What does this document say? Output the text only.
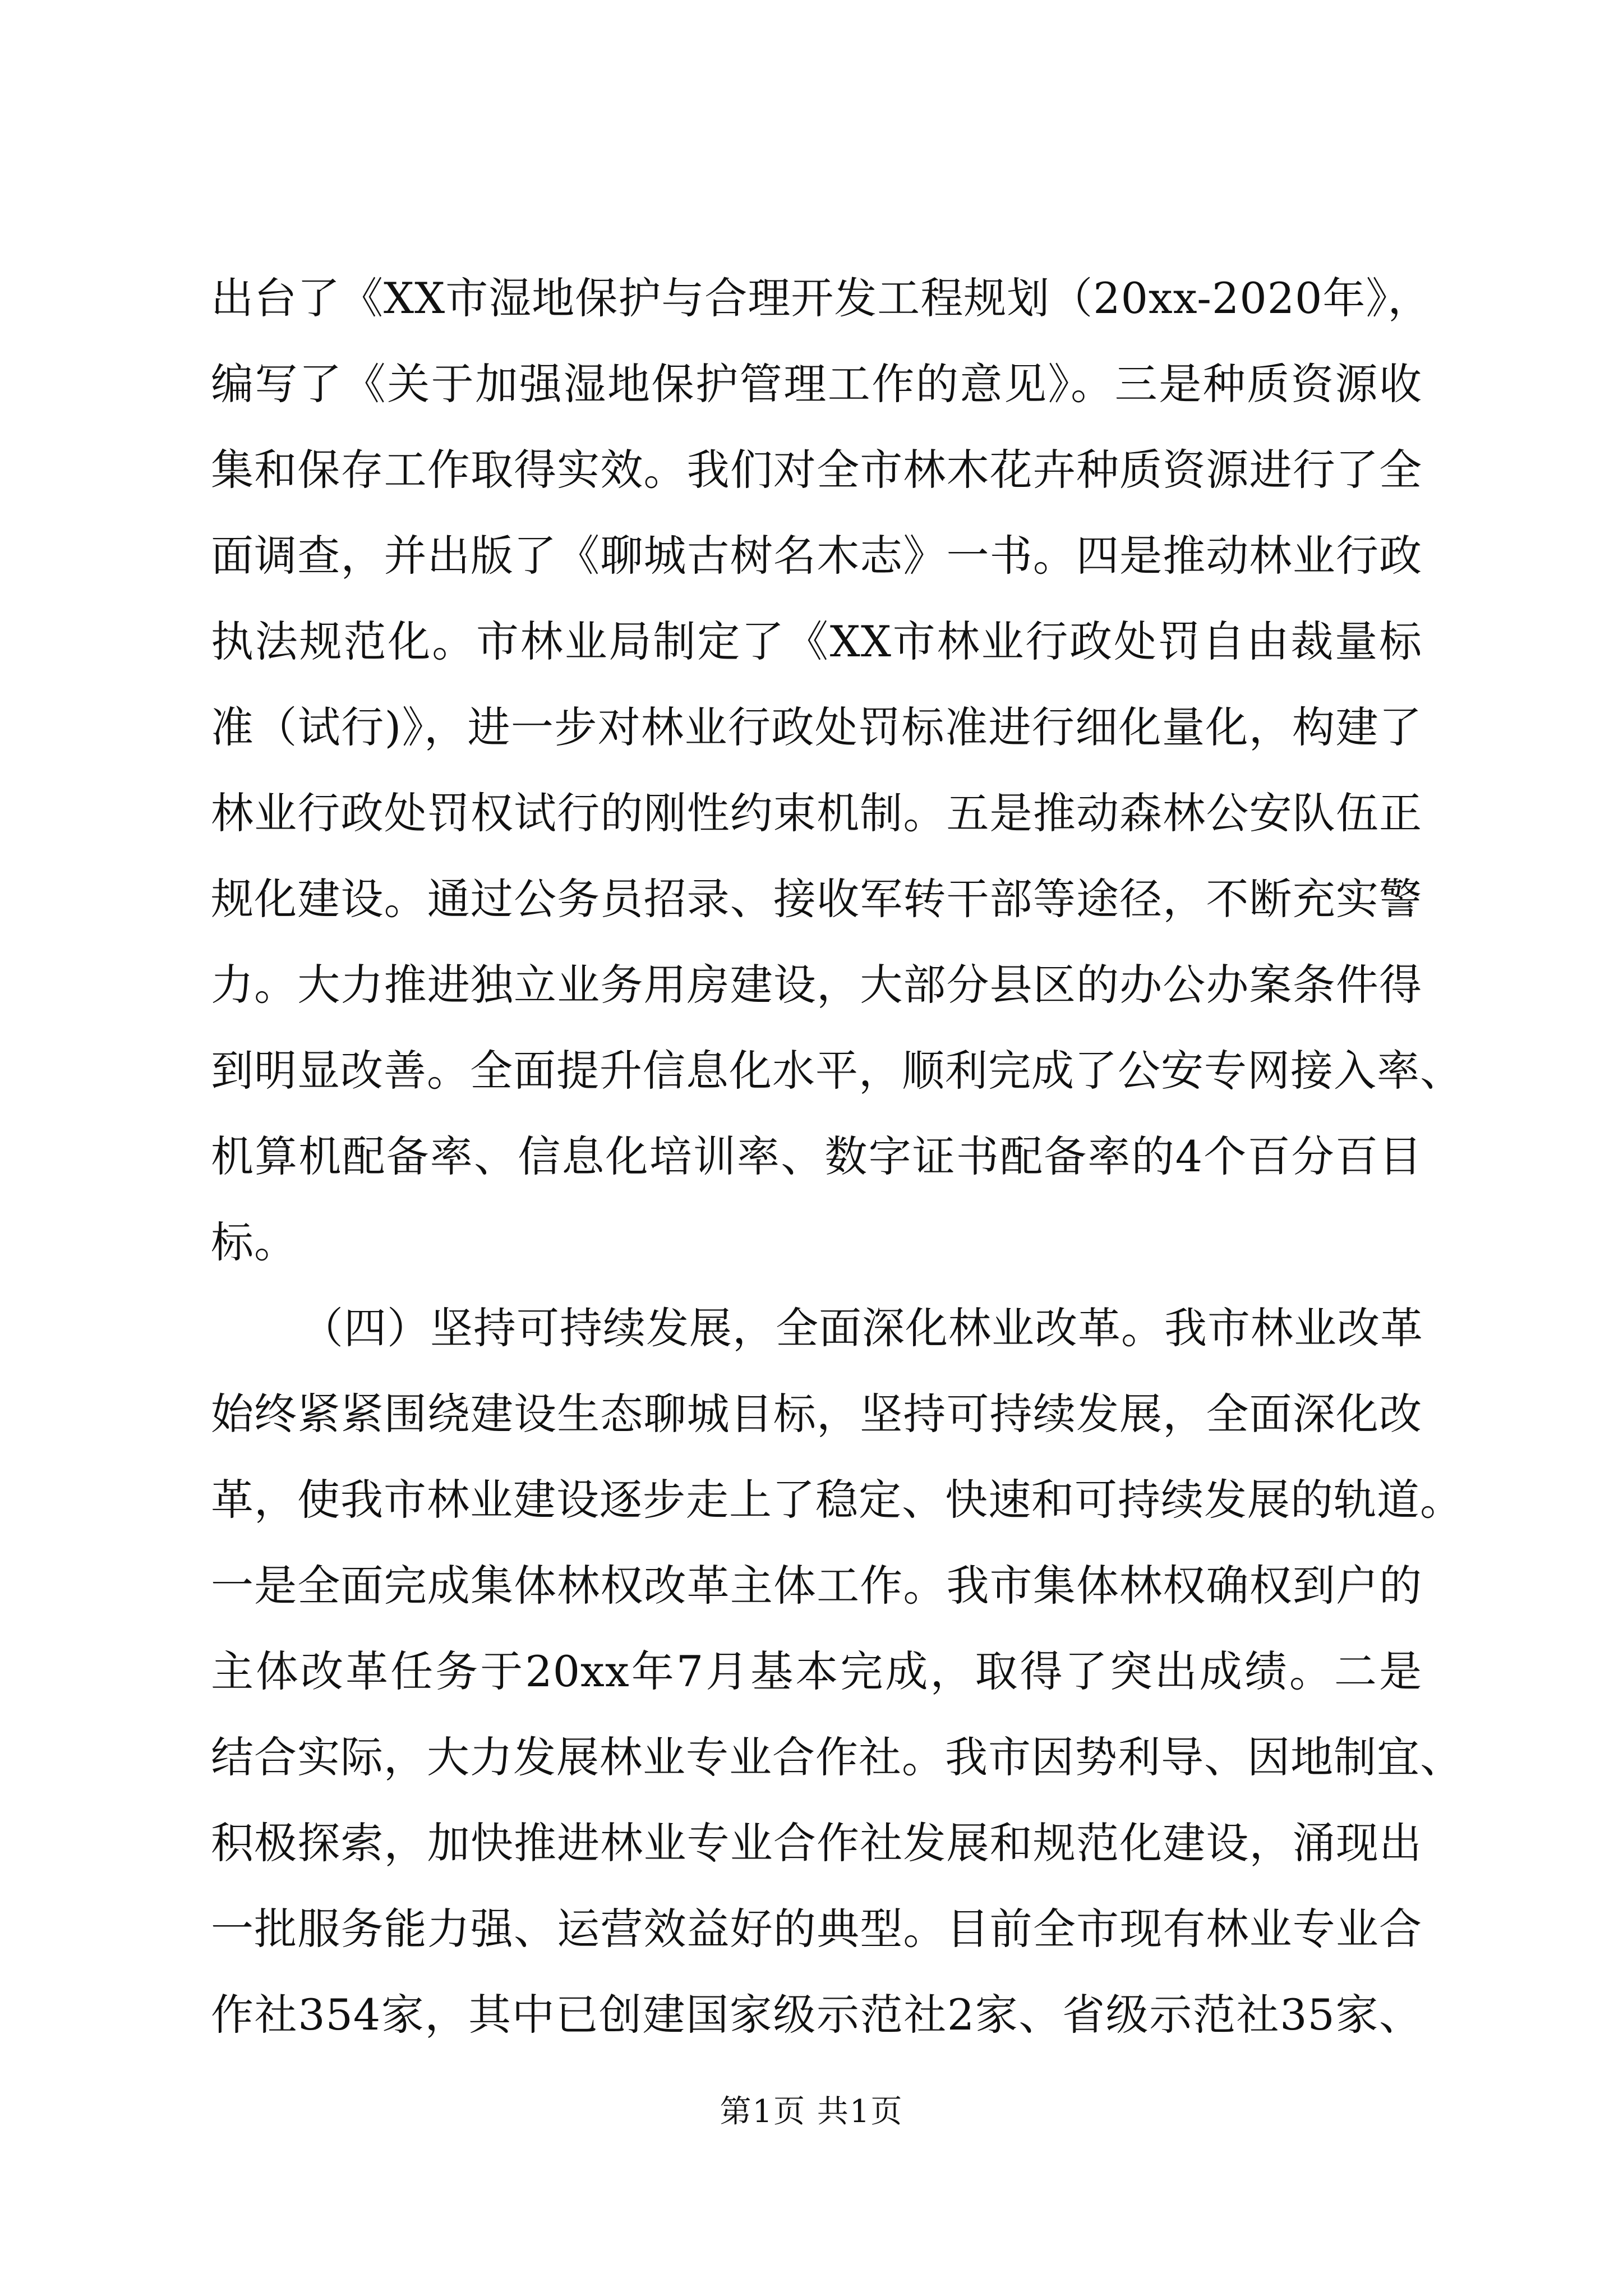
出台了《XX市湿地保护与合理开发工程规划（20xx-2020年》，
编写了《关于加强湿地保护管理工作的意见》。三是种质资源收
集和保存工作取得实效。我们对全市林木花卉种质资源进行了全
面调查，并出版了《聊城古树名木志》一书。四是推动林业行政
执法规范化。市林业局制定了《XX市林业行政处罚自由裁量标
准（试行)》，进一步对林业行政处罚标准进行细化量化，构建了
林业行政处罚权试行的刚性约束机制。五是推动森林公安队伍正
规化建设。通过公务员招录、接收军转干部等途径，不断充实警
力。大力推进独立业务用房建设，大部分县区的办公办案条件得
到明显改善。全面提升信息化水平，顺利完成了公安专网接入率、
机算机配备率、信息化培训率、数字证书配备率的4个百分百目
标。
（四）坚持可持续发展，全面深化林业改革。我市林业改革
始终紧紧围绕建设生态聊城目标，坚持可持续发展，全面深化改
革，使我市林业建设逐步走上了稳定、快速和可持续发展的轨道。
一是全面完成集体林权改革主体工作。我市集体林权确权到户的
主体改革任务于20xx年7月基本完成，取得了突出成绩。二是
结合实际，大力发展林业专业合作社。我市因势利导、因地制宜、
积极探索，加快推进林业专业合作社发展和规范化建设，涌现出
一批服务能力强、运营效益好的典型。目前全市现有林业专业合
作社354家，其中已创建国家级示范社2家、省级示范社35家、
第1页 共1页
